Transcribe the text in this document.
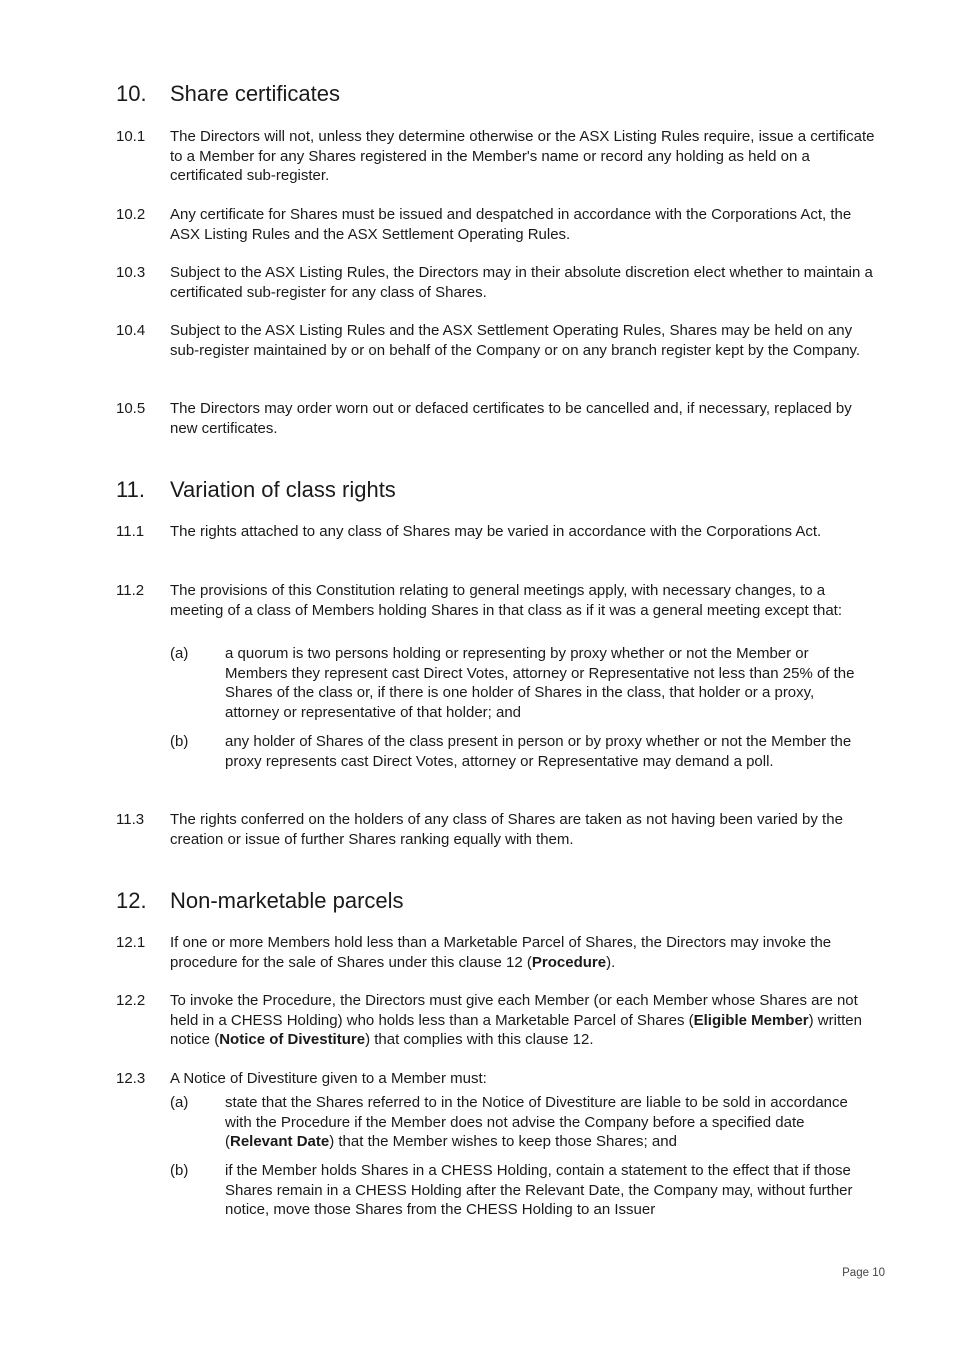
10. Share certificates
10.1	The Directors will not, unless they determine otherwise or the ASX Listing Rules require, issue a certificate to a Member for any Shares registered in the Member's name or record any holding as held on a certificated sub-register.
10.2	Any certificate for Shares must be issued and despatched in accordance with the Corporations Act, the ASX Listing Rules and the ASX Settlement Operating Rules.
10.3	Subject to the ASX Listing Rules, the Directors may in their absolute discretion elect whether to maintain a certificated sub-register for any class of Shares.
10.4	Subject to the ASX Listing Rules and the ASX Settlement Operating Rules, Shares may be held on any sub-register maintained by or on behalf of the Company or on any branch register kept by the Company.
10.5	The Directors may order worn out or defaced certificates to be cancelled and, if necessary, replaced by new certificates.
11. Variation of class rights
11.1	The rights attached to any class of Shares may be varied in accordance with the Corporations Act.
11.2	The provisions of this Constitution relating to general meetings apply, with necessary changes, to a meeting of a class of Members holding Shares in that class as if it was a general meeting except that:
(a)	a quorum is two persons holding or representing by proxy whether or not the Member or Members they represent cast Direct Votes, attorney or Representative not less than 25% of the Shares of the class or, if there is one holder of Shares in the class, that holder or a proxy, attorney or representative of that holder; and
(b)	any holder of Shares of the class present in person or by proxy whether or not the Member the proxy represents cast Direct Votes, attorney or Representative may demand a poll.
11.3	The rights conferred on the holders of any class of Shares are taken as not having been varied by the creation or issue of further Shares ranking equally with them.
12. Non-marketable parcels
12.1	If one or more Members hold less than a Marketable Parcel of Shares, the Directors may invoke the procedure for the sale of Shares under this clause 12 (Procedure).
12.2	To invoke the Procedure, the Directors must give each Member (or each Member whose Shares are not held in a CHESS Holding) who holds less than a Marketable Parcel of Shares (Eligible Member) written notice (Notice of Divestiture) that complies with this clause 12.
12.3	A Notice of Divestiture given to a Member must:
(a)	state that the Shares referred to in the Notice of Divestiture are liable to be sold in accordance with the Procedure if the Member does not advise the Company before a specified date (Relevant Date) that the Member wishes to keep those Shares; and
(b)	if the Member holds Shares in a CHESS Holding, contain a statement to the effect that if those Shares remain in a CHESS Holding after the Relevant Date, the Company may, without further notice, move those Shares from the CHESS Holding to an Issuer
Page 10
